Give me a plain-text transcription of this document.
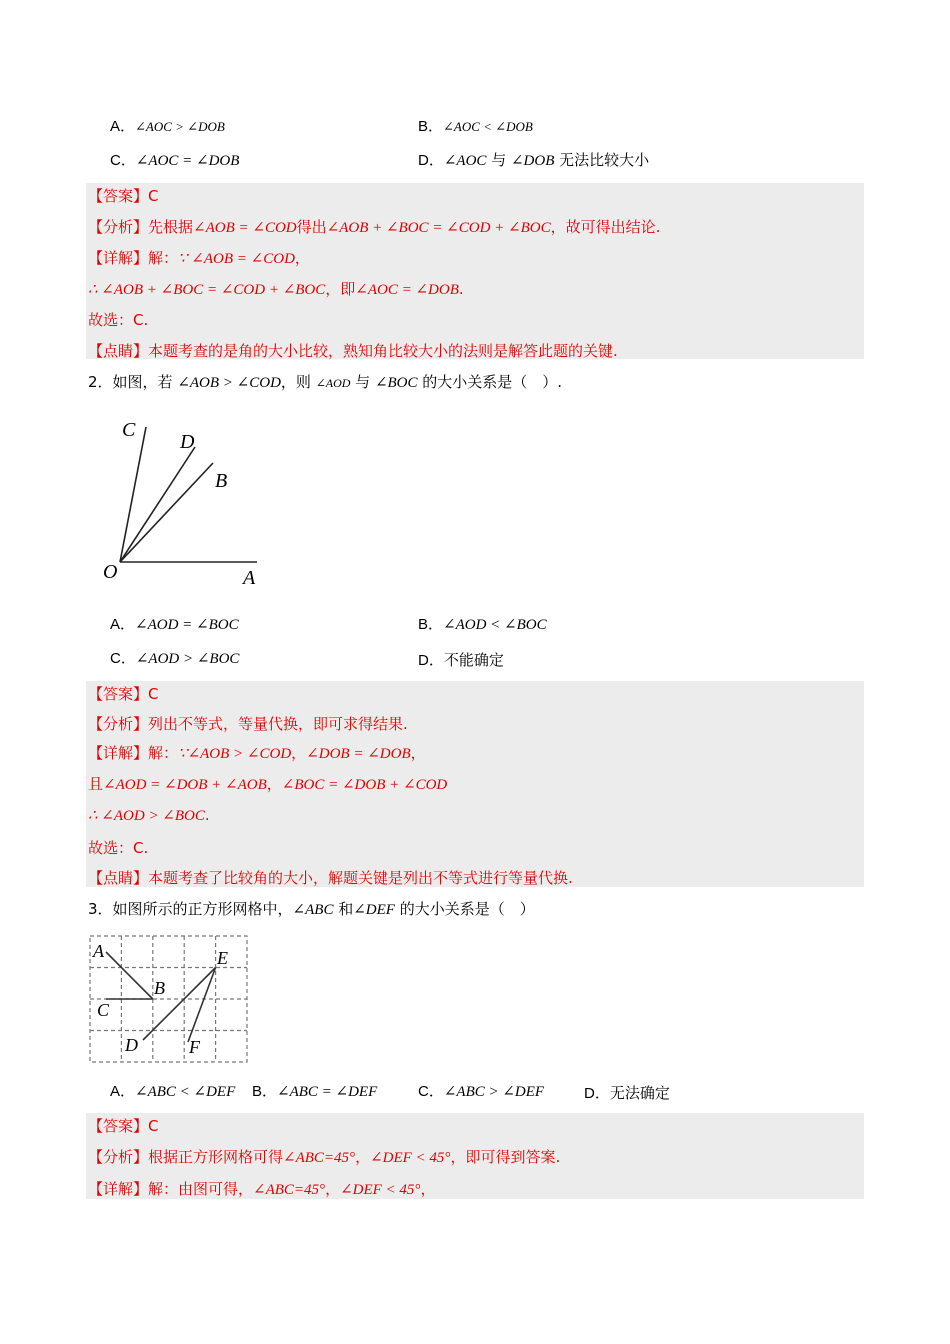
A．∠AOC > ∠DOB	B．∠AOC < ∠DOB
C．∠AOC = ∠DOB	D．∠AOC 与 ∠DOB 无法比较大小
【答案】C
【分析】先根据∠AOB = ∠COD得出∠AOB + ∠BOC = ∠COD + ∠BOC，故可得出结论.
【详解】解：∵ ∠AOB = ∠COD，
∴ ∠AOB + ∠BOC = ∠COD + ∠BOC，即∠AOC = ∠DOB.
故选：C.
【点睛】本题考查的是角的大小比较，熟知角比较大小的法则是解答此题的关键.
2．如图，若 ∠AOB > ∠COD，则 ∠AOD 与 ∠BOC 的大小关系是（　）.
C
D
B
O	A
A．∠AOD = ∠BOC	B．∠AOD < ∠BOC
C．∠AOD > ∠BOC	D．不能确定
【答案】C
【分析】列出不等式，等量代换，即可求得结果.
【详解】解：∵∠AOB > ∠COD，∠DOB = ∠DOB，
且∠AOD = ∠DOB + ∠AOB，∠BOC = ∠DOB + ∠COD
∴ ∠AOD > ∠BOC.
故选：C.
【点睛】本题考查了比较角的大小，解题关键是列出不等式进行等量代换.
3．如图所示的正方形网格中，∠ABC 和∠DEF 的大小关系是（　）
A
B
C
D
E
F
A．∠ABC < ∠DEF B．∠ABC = ∠DEF	C．∠ABC > ∠DEF	D．无法确定
【答案】C
【分析】根据正方形网格可得∠ABC=45°，∠DEF < 45°，即可得到答案.
【详解】解：由图可得，∠ABC=45°，∠DEF < 45°，
